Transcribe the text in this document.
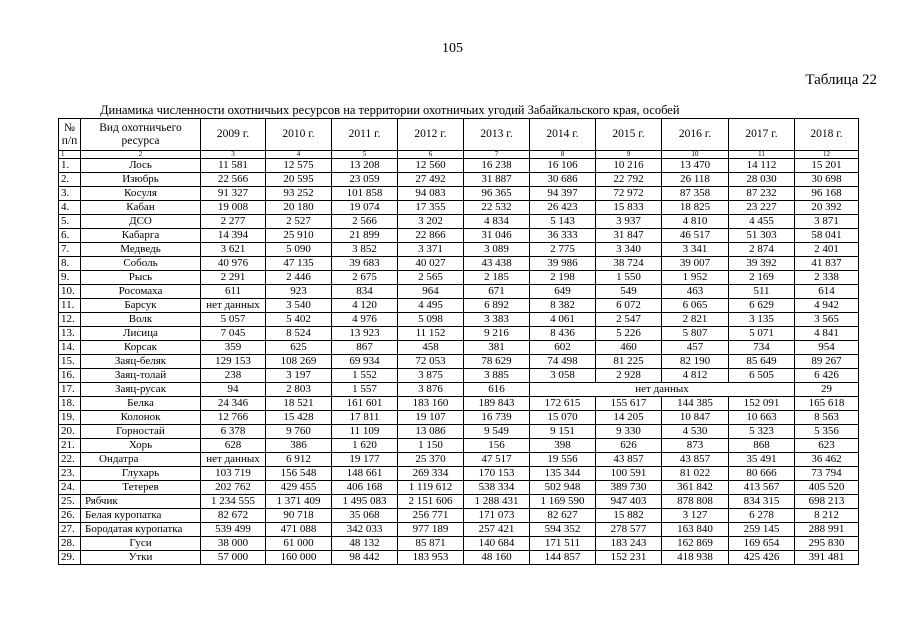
105
Таблица 22
Динамика численности охотничьих ресурсов на территории охотничьих угодий Забайкальского края, особей
№ п/п	Вид охотничьего ресурса	2009 г.	2010 г.	2011 г.	2012 г.	2013 г.	2014 г.	2015 г.	2016 г.	2017 г.	2018 г.
1	2	3	4	5	6	7	8	9	10	11	12
1.	Лось	11 581	12 575	13 208	12 560	16 238	16 106	10 216	13 470	14 112	15 201
2.	Изюбрь	22 566	20 595	23 059	27 492	31 887	30 686	22 792	26 118	28 030	30 698
3.	Косуля	91 327	93 252	101 858	94 083	96 365	94 397	72 972	87 358	87 232	96 168
4.	Кабан	19 008	20 180	19 074	17 355	22 532	26 423	15 833	18 825	23 227	20 392
5.	ДСО	2 277	2 527	2 566	3 202	4 834	5 143	3 937	4 810	4 455	3 871
6.	Кабарга	14 394	25 910	21 899	22 866	31 046	36 333	31 847	46 517	51 303	58 041
7.	Медведь	3 621	5 090	3 852	3 371	3 089	2 775	3 340	3 341	2 874	2 401
8.	Соболь	40 976	47 135	39 683	40 027	43 438	39 986	38 724	39 007	39 392	41 837
9.	Рысь	2 291	2 446	2 675	2 565	2 185	2 198	1 550	1 952	2 169	2 338
10.	Росомаха	611	923	834	964	671	649	549	463	511	614
11.	Барсук	нет данных	3 540	4 120	4 495	6 892	8 382	6 072	6 065	6 629	4 942
12.	Волк	5 057	5 402	4 976	5 098	3 383	4 061	2 547	2 821	3 135	3 565
13.	Лисица	7 045	8 524	13 923	11 152	9 216	8 436	5 226	5 807	5 071	4 841
14.	Корсак	359	625	867	458	381	602	460	457	734	954
15.	Заяц-беляк	129 153	108 269	69 934	72 053	78 629	74 498	81 225	82 190	85 649	89 267
16.	Заяц-толай	238	3 197	1 552	3 875	3 885	3 058	2 928	4 812	6 505	6 426
17.	Заяц-русак	94	2 803	1 557	3 876	616	нет данных				29
18.	Белка	24 346	18 521	161 601	183 160	189 843	172 615	155 617	144 385	152 091	165 618
19.	Колонок	12 766	15 428	17 811	19 107	16 739	15 070	14 205	10 847	10 663	8 563
20.	Горностай	6 378	9 760	11 109	13 086	9 549	9 151	9 330	4 530	5 323	5 356
21.	Хорь	628	386	1 620	1 150	156	398	626	873	868	623
22.	Ондатра	нет данных	6 912	19 177	25 370	47 517	19 556	43 857	43 857	35 491	36 462
23.	Глухарь	103 719	156 548	148 661	269 334	170 153	135 344	100 591	81 022	80 666	73 794
24.	Тетерев	202 762	429 455	406 168	1 119 612	538 334	502 948	389 730	361 842	413 567	405 520
25.	Рябчик	1 234 555	1 371 409	1 495 083	2 151 606	1 288 431	1 169 590	947 403	878 808	834 315	698 213
26.	Белая куропатка	82 672	90 718	35 068	256 771	171 073	82 627	15 882	3 127	6 278	8 212
27.	Бородатая куропатка	539 499	471 088	342 033	977 189	257 421	594 352	278 577	163 840	259 145	288 991
28.	Гуси	38 000	61 000	48 132	85 871	140 684	171 511	183 243	162 869	169 654	295 830
29.	Утки	57 000	160 000	98 442	183 953	48 160	144 857	152 231	418 938	425 426	391 481
